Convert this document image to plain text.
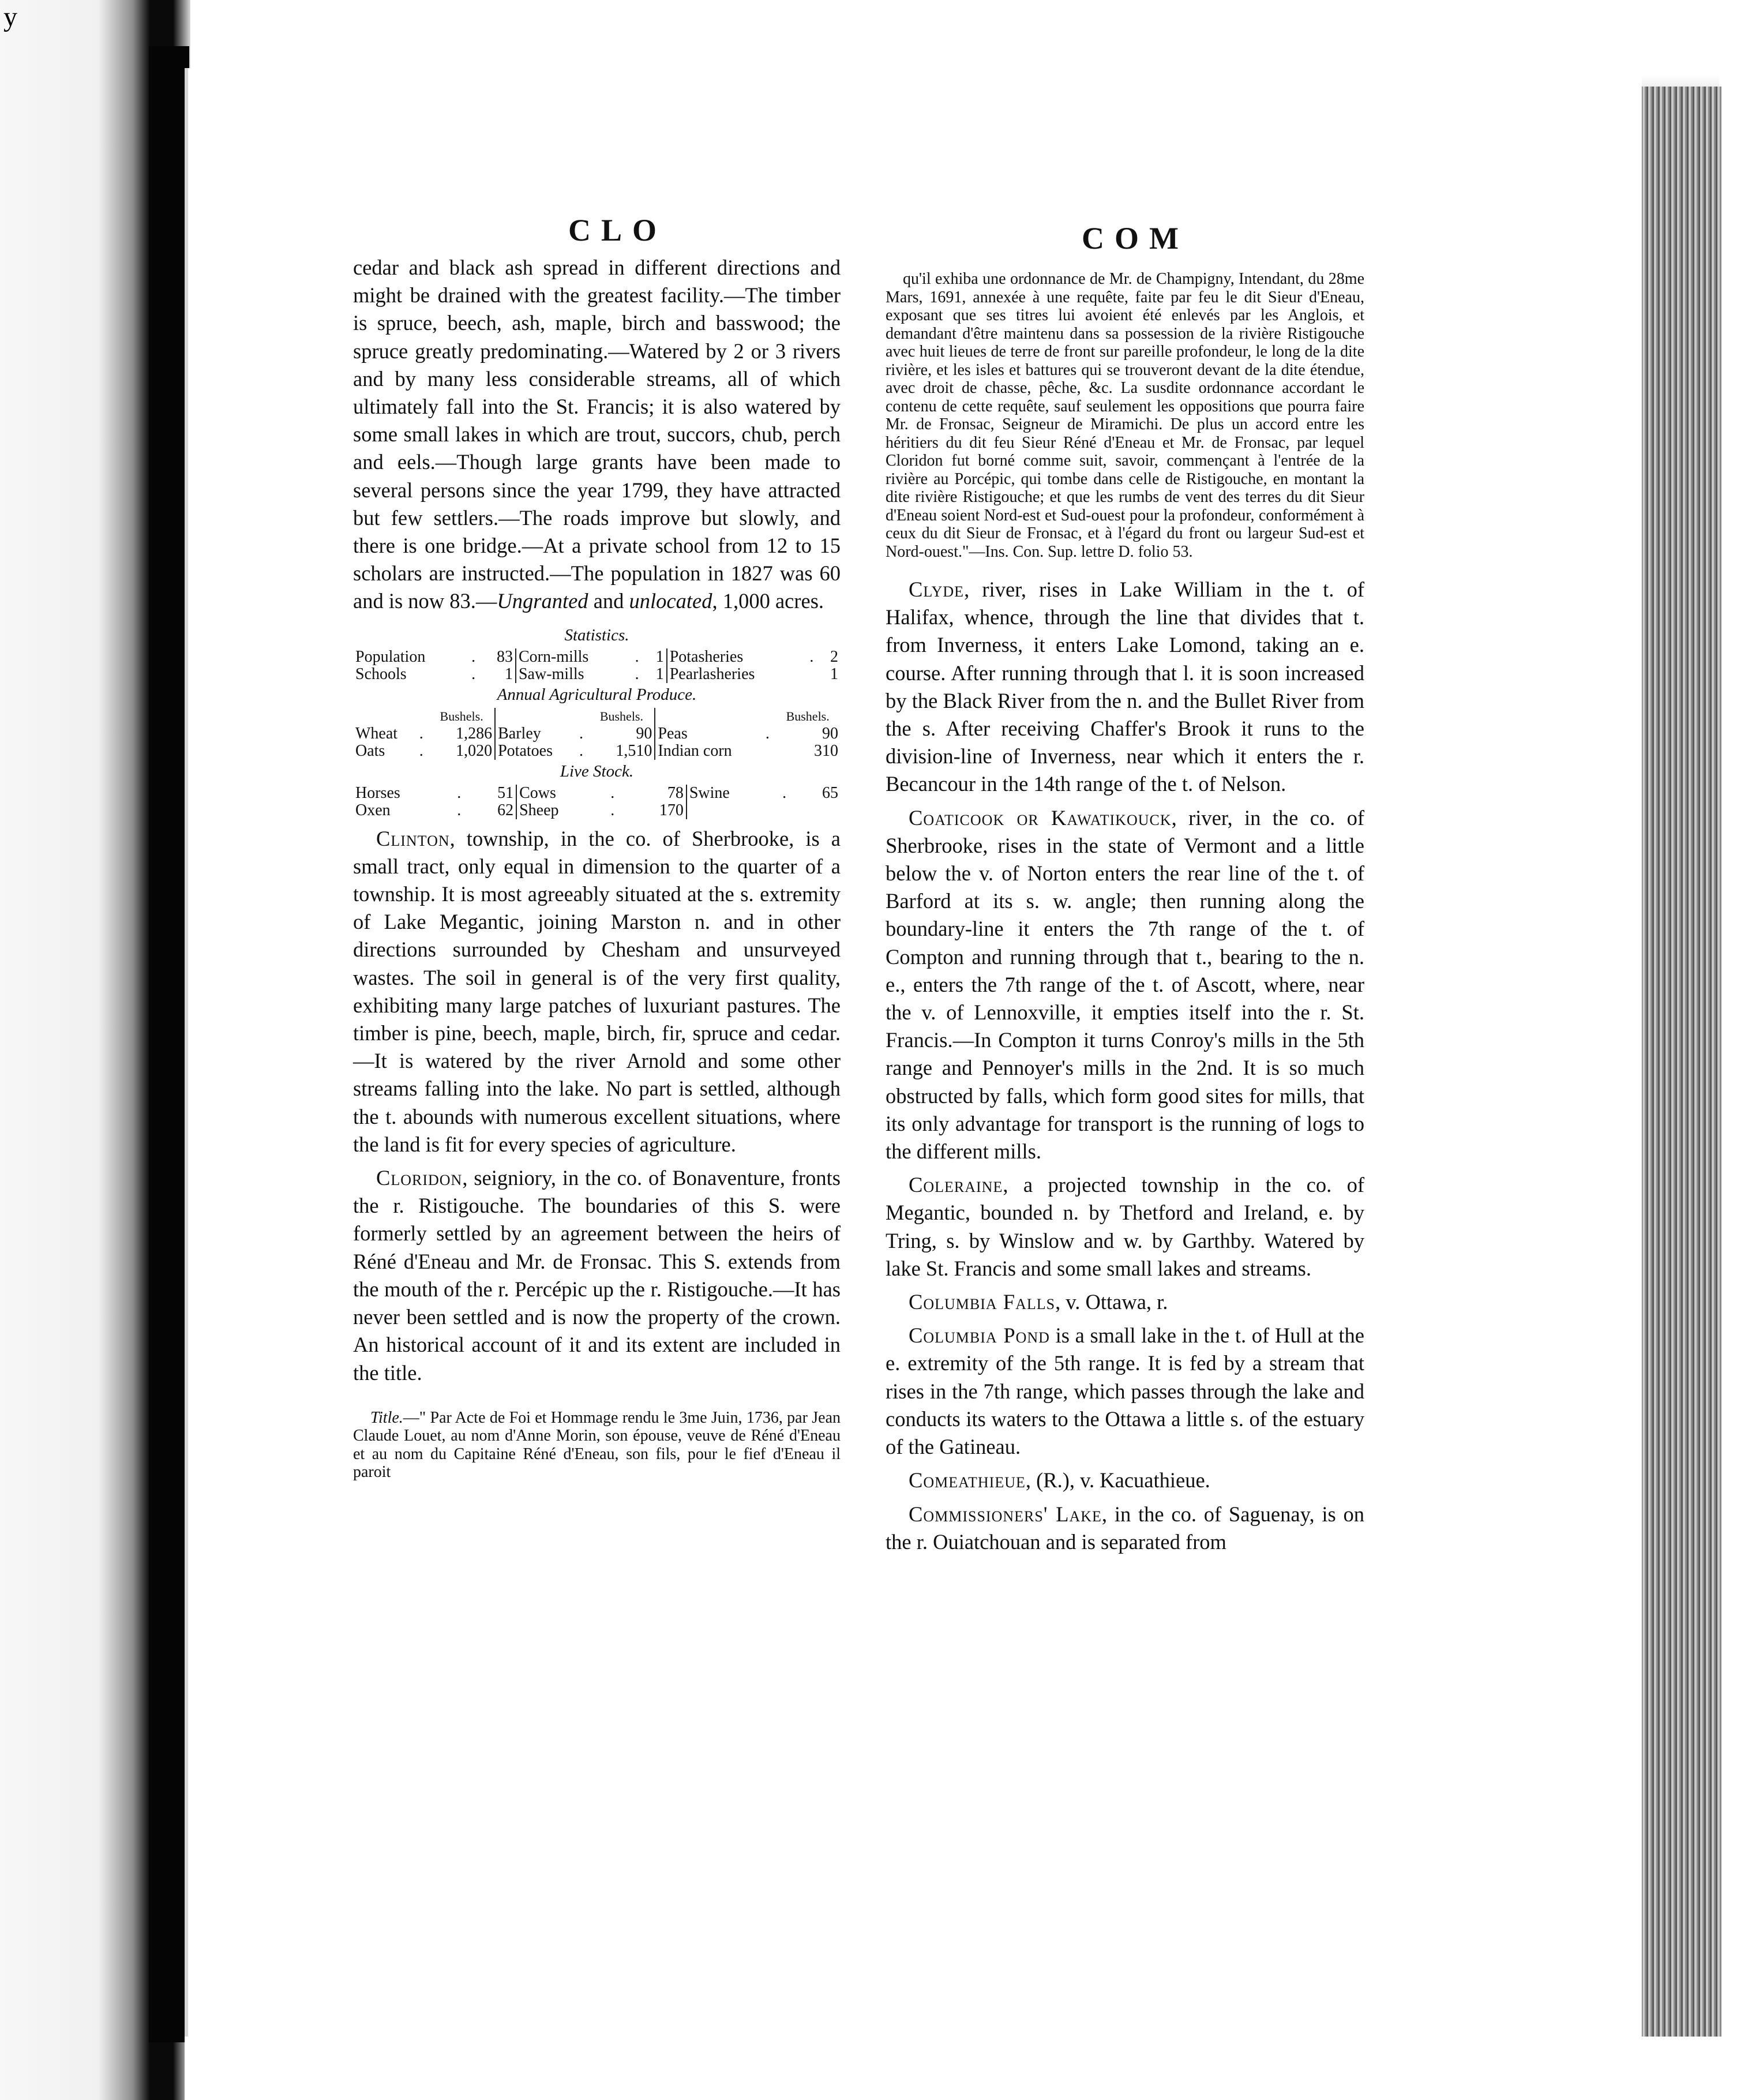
y
CLO	COM

cedar and black ash spread in different directions and might be drained with the greatest facility.—The timber is spruce, beech, ash, maple, birch and basswood; the spruce greatly predominating.—Watered by 2 or 3 rivers and by many less considerable streams, all of which ultimately fall into the St. Francis; it is also watered by some small lakes in which are trout, succors, chub, perch and eels.—Though large grants have been made to several persons since the year 1799, they have attracted but few settlers.—The roads improve but slowly, and there is one bridge.—At a private school from 12 to 15 scholars are instructed.—The population in 1827 was 60 and is now 83.—Ungranted and unlocated, 1,000 acres.

Statistics.
Population	.	83	Corn-mills	.	1	Potasheries	.	2
Schools	.	1	Saw-mills	.	1	Pearlasheries		1
Annual Agricultural Produce.
		Bushels.			Bushels.			Bushels.
Wheat	.	1,286	Barley	.	90	Peas	.	90
Oats	.	1,020	Potatoes	.	1,510	Indian corn		310
Live Stock.
Horses	.	51	Cows	.	78	Swine	.	65
Oxen	.	62	Sheep	.	170			

Clinton, township, in the co. of Sherbrooke, is a small tract, only equal in dimension to the quarter of a township. It is most agreeably situated at the s. extremity of Lake Megantic, joining Marston n. and in other directions surrounded by Chesham and unsurveyed wastes. The soil in general is of the very first quality, exhibiting many large patches of luxuriant pastures. The timber is pine, beech, maple, birch, fir, spruce and cedar.—It is watered by the river Arnold and some other streams falling into the lake. No part is settled, although the t. abounds with numerous excellent situations, where the land is fit for every species of agriculture.

Cloridon, seigniory, in the co. of Bonaventure, fronts the r. Ristigouche. The boundaries of this S. were formerly settled by an agreement between the heirs of Réné d'Eneau and Mr. de Fronsac. This S. extends from the mouth of the r. Percépic up the r. Ristigouche.—It has never been settled and is now the property of the crown. An historical account of it and its extent are included in the title.

Title.—" Par Acte de Foi et Hommage rendu le 3me Juin, 1736, par Jean Claude Louet, au nom d'Anne Morin, son épouse, veuve de Réné d'Eneau et au nom du Capitaine Réné d'Eneau, son fils, pour le fief d'Eneau il paroit

qu'il exhiba une ordonnance de Mr. de Champigny, Intendant, du 28me Mars, 1691, annexée à une requête, faite par feu le dit Sieur d'Eneau, exposant que ses titres lui avoient été enlevés par les Anglois, et demandant d'être maintenu dans sa possession de la rivière Ristigouche avec huit lieues de terre de front sur pareille profondeur, le long de la dite rivière, et les isles et battures qui se trouveront devant de la dite étendue, avec droit de chasse, pêche, &c. La susdite ordonnance accordant le contenu de cette requête, sauf seulement les oppositions que pourra faire Mr. de Fronsac, Seigneur de Miramichi. De plus un accord entre les héritiers du dit feu Sieur Réné d'Eneau et Mr. de Fronsac, par lequel Cloridon fut borné comme suit, savoir, commençant à l'entrée de la rivière au Porcépic, qui tombe dans celle de Ristigouche, en montant la dite rivière Ristigouche; et que les rumbs de vent des terres du dit Sieur d'Eneau soient Nord-est et Sud-ouest pour la profondeur, conformément à ceux du dit Sieur de Fronsac, et à l'égard du front ou largeur Sud-est et Nord-ouest."—Ins. Con. Sup. lettre D. folio 53.

Clyde, river, rises in Lake William in the t. of Halifax, whence, through the line that divides that t. from Inverness, it enters Lake Lomond, taking an e. course. After running through that l. it is soon increased by the Black River from the n. and the Bullet River from the s. After receiving Chaffer's Brook it runs to the division-line of Inverness, near which it enters the r. Becancour in the 14th range of the t. of Nelson.

Coaticook or Kawatikouck, river, in the co. of Sherbrooke, rises in the state of Vermont and a little below the v. of Norton enters the rear line of the t. of Barford at its s. w. angle; then running along the boundary-line it enters the 7th range of the t. of Compton and running through that t., bearing to the n. e., enters the 7th range of the t. of Ascott, where, near the v. of Lennoxville, it empties itself into the r. St. Francis.—In Compton it turns Conroy's mills in the 5th range and Pennoyer's mills in the 2nd. It is so much obstructed by falls, which form good sites for mills, that its only advantage for transport is the running of logs to the different mills.

Coleraine, a projected township in the co. of Megantic, bounded n. by Thetford and Ireland, e. by Tring, s. by Winslow and w. by Garthby. Watered by lake St. Francis and some small lakes and streams.

Columbia Falls, v. Ottawa, r.

Columbia Pond is a small lake in the t. of Hull at the e. extremity of the 5th range. It is fed by a stream that rises in the 7th range, which passes through the lake and conducts its waters to the Ottawa a little s. of the estuary of the Gatineau.

Comeathieue, (R.), v. Kacuathieue.

Commissioners' Lake, in the co. of Saguenay, is on the r. Ouiatchouan and is separated from
